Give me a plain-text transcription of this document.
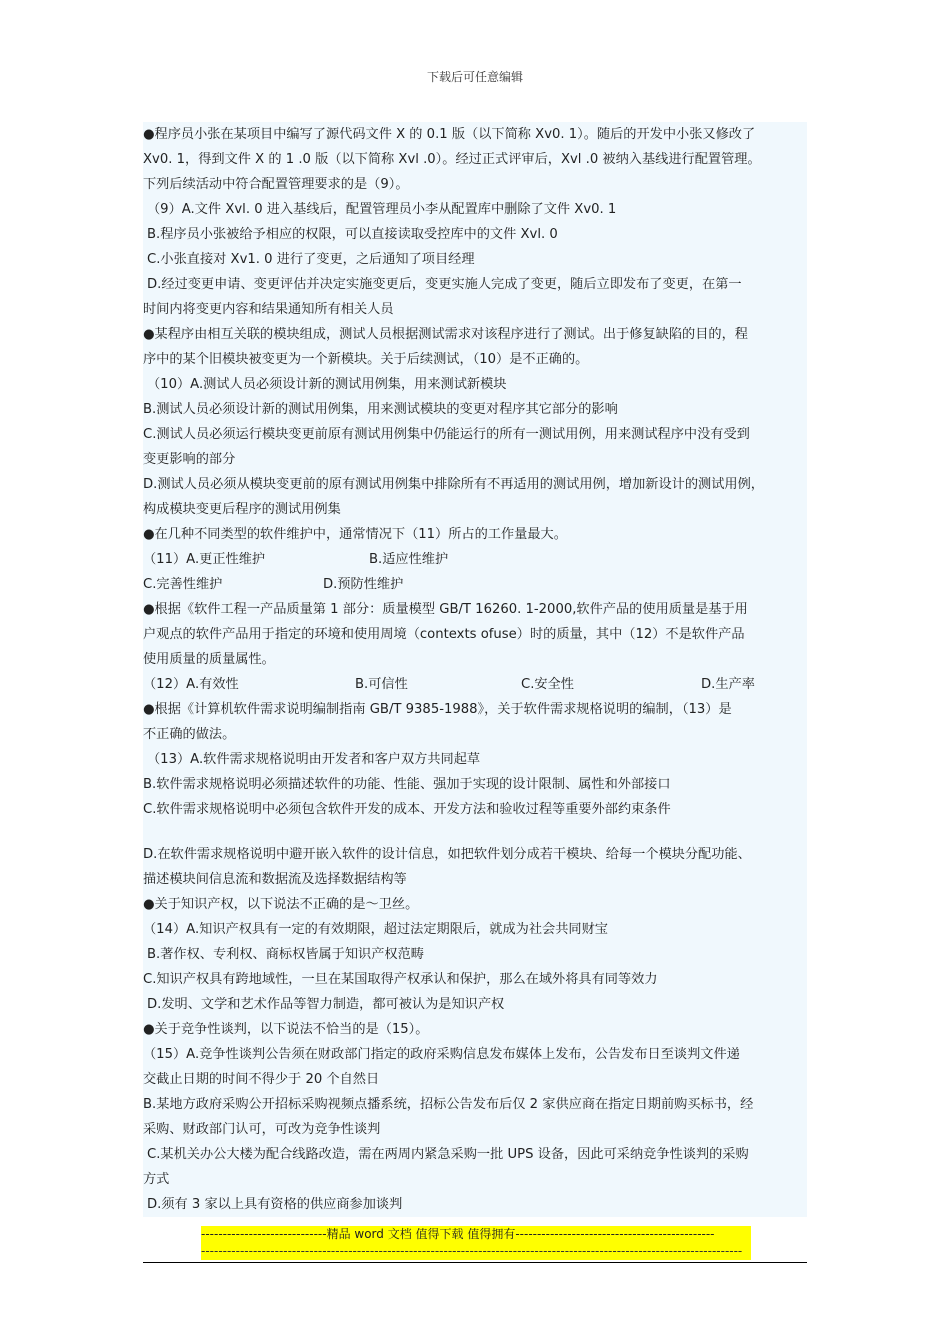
下载后可任意编辑
●程序员小张在某项目中编写了源代码文件 X 的 0.1 版（以下简称 Xv0. 1）。随后的开发中小张又修改了
Xv0. 1，得到文件 X 的 1 .0 版（以下简称 Xvl .0）。经过正式评审后，Xvl .0 被纳入基线进行配置管理。
下列后续活动中符合配置管理要求的是（9）。
（9）A.文件 Xvl. 0 进入基线后，配置管理员小李从配置库中删除了文件 Xv0. 1
B.程序员小张被给予相应的权限，可以直接读取受控库中的文件 Xvl. 0
C.小张直接对 Xv1. 0 进行了变更，之后通知了项目经理
D.经过变更申请、变更评估并决定实施变更后，变更实施人完成了变更，随后立即发布了变更，在第一
时间内将变更内容和结果通知所有相关人员
●某程序由相互关联的模块组成，测试人员根据测试需求对该程序进行了测试。出于修复缺陷的目的，程
序中的某个旧模块被变更为一个新模块。关于后续测试，（10）是不正确的。
（10）A.测试人员必须设计新的测试用例集，用来测试新模块
B.测试人员必须设计新的测试用例集，用来测试模块的变更对程序其它部分的影响
C.测试人员必须运行模块变更前原有测试用例集中仍能运行的所有一测试用例，用来测试程序中没有受到
变更影响的部分
D.测试人员必须从模块变更前的原有测试用例集中排除所有不再适用的测试用例，增加新设计的测试用例，
构成模块变更后程序的测试用例集
●在几种不同类型的软件维护中，通常情况下（11）所占的工作量最大。
（11）A.更正性维护	B.适应性维护
C.完善性维护	D.预防性维护
●根据《软件工程一产品质量第 1 部分：质量模型 GB/T 16260. 1-2000,软件产品的使用质量是基于用
户观点的软件产品用于指定的环境和使用周境（contexts ofuse）时的质量，其中（12）不是软件产品
使用质量的质量属性。
（12）A.有效性	B.可信性	C.安全性	D.生产率
●根据《计算机软件需求说明编制指南 GB/T 9385-1988》，关于软件需求规格说明的编制，（13）是
不正确的做法。
（13）A.软件需求规格说明由开发者和客户双方共同起草
B.软件需求规格说明必须描述软件的功能、性能、强加于实现的设计限制、属性和外部接口
C.软件需求规格说明中必须包含软件开发的成本、开发方法和验收过程等重要外部约束条件
D.在软件需求规格说明中避开嵌入软件的设计信息，如把软件划分成若干模块、给每一个模块分配功能、
描述模块间信息流和数据流及选择数据结构等
●关于知识产权，以下说法不正确的是～卫丝。
（14）A.知识产权具有一定的有效期限，超过法定期限后，就成为社会共同财宝
B.著作权、专利权、商标权皆属于知识产权范畴
C.知识产权具有跨地域性，一旦在某国取得产权承认和保护，那么在域外将具有同等效力
D.发明、文学和艺术作品等智力制造，都可被认为是知识产权
●关于竞争性谈判，以下说法不恰当的是（15）。
（15）A.竞争性谈判公告须在财政部门指定的政府采购信息发布媒体上发布，公告发布日至谈判文件递
交截止日期的时间不得少于 20 个自然日
B.某地方政府采购公开招标采购视频点播系统，招标公告发布后仅 2 家供应商在指定日期前购买标书，经
采购、财政部门认可，可改为竞争性谈判
C.某机关办公大楼为配合线路改造，需在两周内紧急采购一批 UPS 设备，因此可采纳竞争性谈判的采购
方式
D.须有 3 家以上具有资格的供应商参加谈判
-----------------------------精品 word 文档 值得下载 值得拥有----------------------------------------------
-----------------------------------------------------------------------------------------------------------------------------
